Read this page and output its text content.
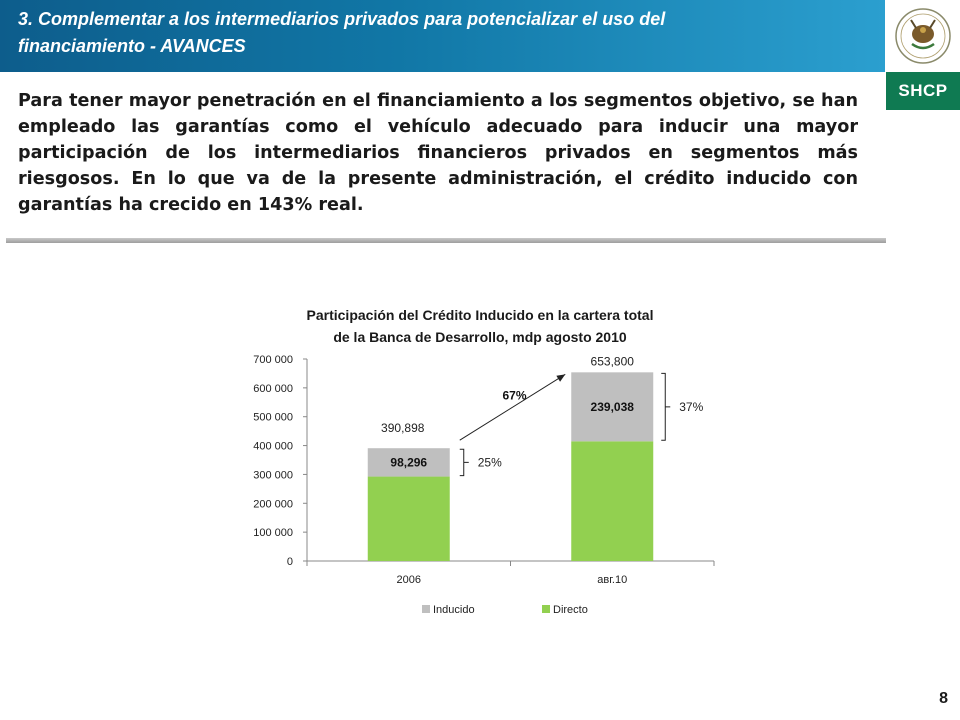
3. Complementar a los intermediarios privados para potencializar el uso del
financiamiento - AVANCES
SHCP
Para tener mayor penetración en el financiamiento a los segmentos objetivo, se han empleado las garantías como el vehículo adecuado para inducir una mayor participación de los intermediarios financieros privados en segmentos más riesgosos. En lo que va de la presente administración, el crédito inducido con garantías ha crecido en 143% real.
Participación del Crédito Inducido en la cartera total
de la Banca de Desarrollo, mdp agosto 2010
0
100 000
200 000
300 000
400 000
500 000
600 000
700 000
98,296
390,898
2006
25%
239,038
653,800
авг.10
37%
67%
Inducido	Directo
8
